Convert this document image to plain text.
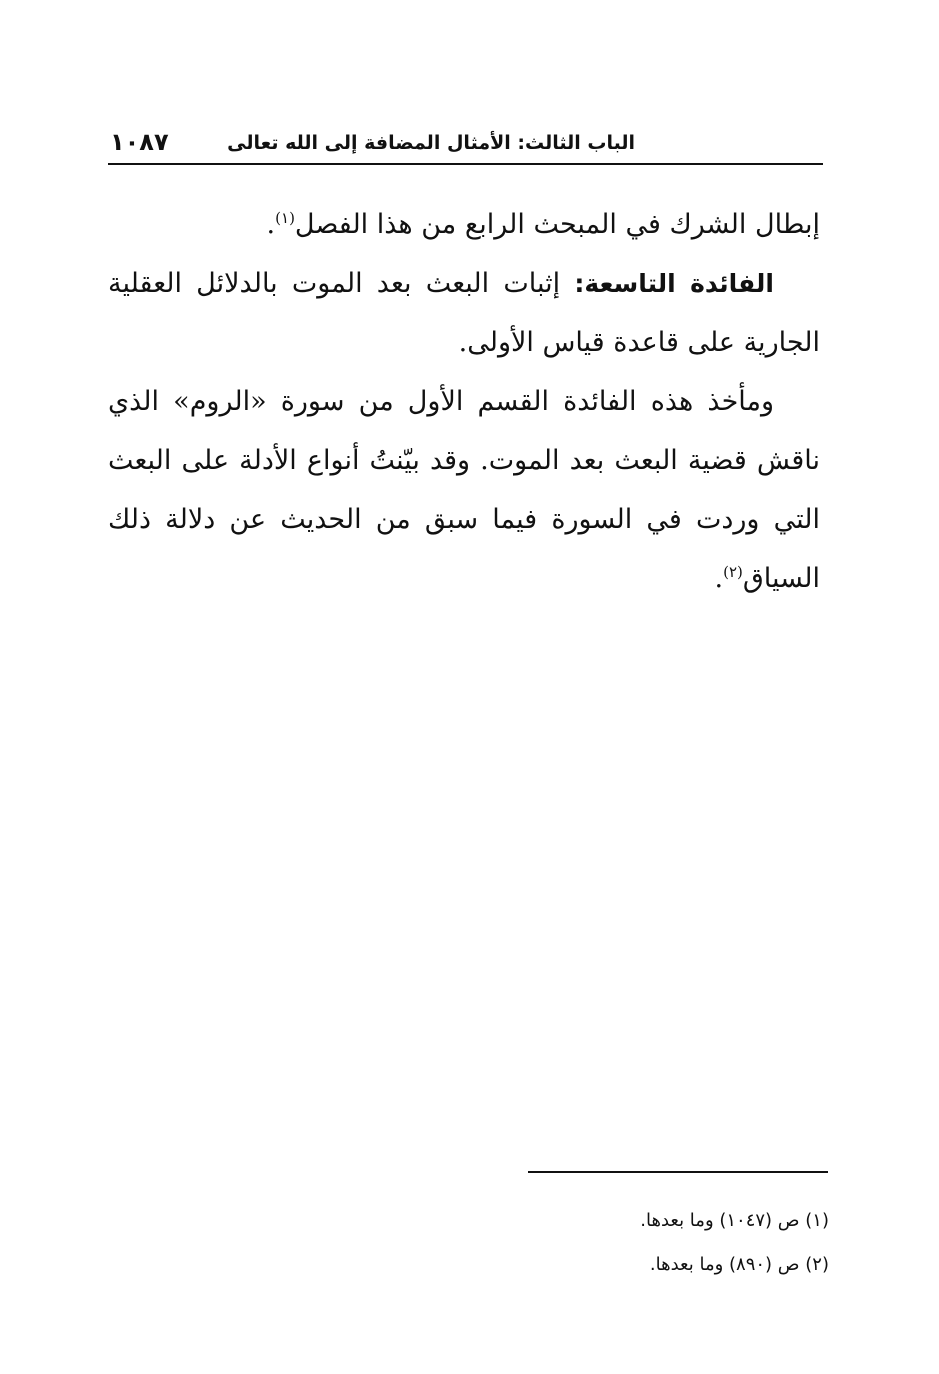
الباب الثالث: الأمثال المضافة إلى الله تعالى
١٠٨٧

إبطال الشرك في المبحث الرابع من هذا الفصل$^{(١)}$.

الفائدة التاسعة: إثبات البعث بعد الموت بالدلائل العقلية الجارية على قاعدة قياس الأولى.

ومأخذ هذه الفائدة القسم الأول من سورة «الروم» الذي ناقش قضية البعث بعد الموت. وقد بيّنتُ أنواع الأدلة على البعث التي وردت في السورة فيما سبق من الحديث عن دلالة ذلك السياق$^{(٢)}$.

(١) ص (١٠٤٧) وما بعدها.

(٢) ص (٨٩٠) وما بعدها.
